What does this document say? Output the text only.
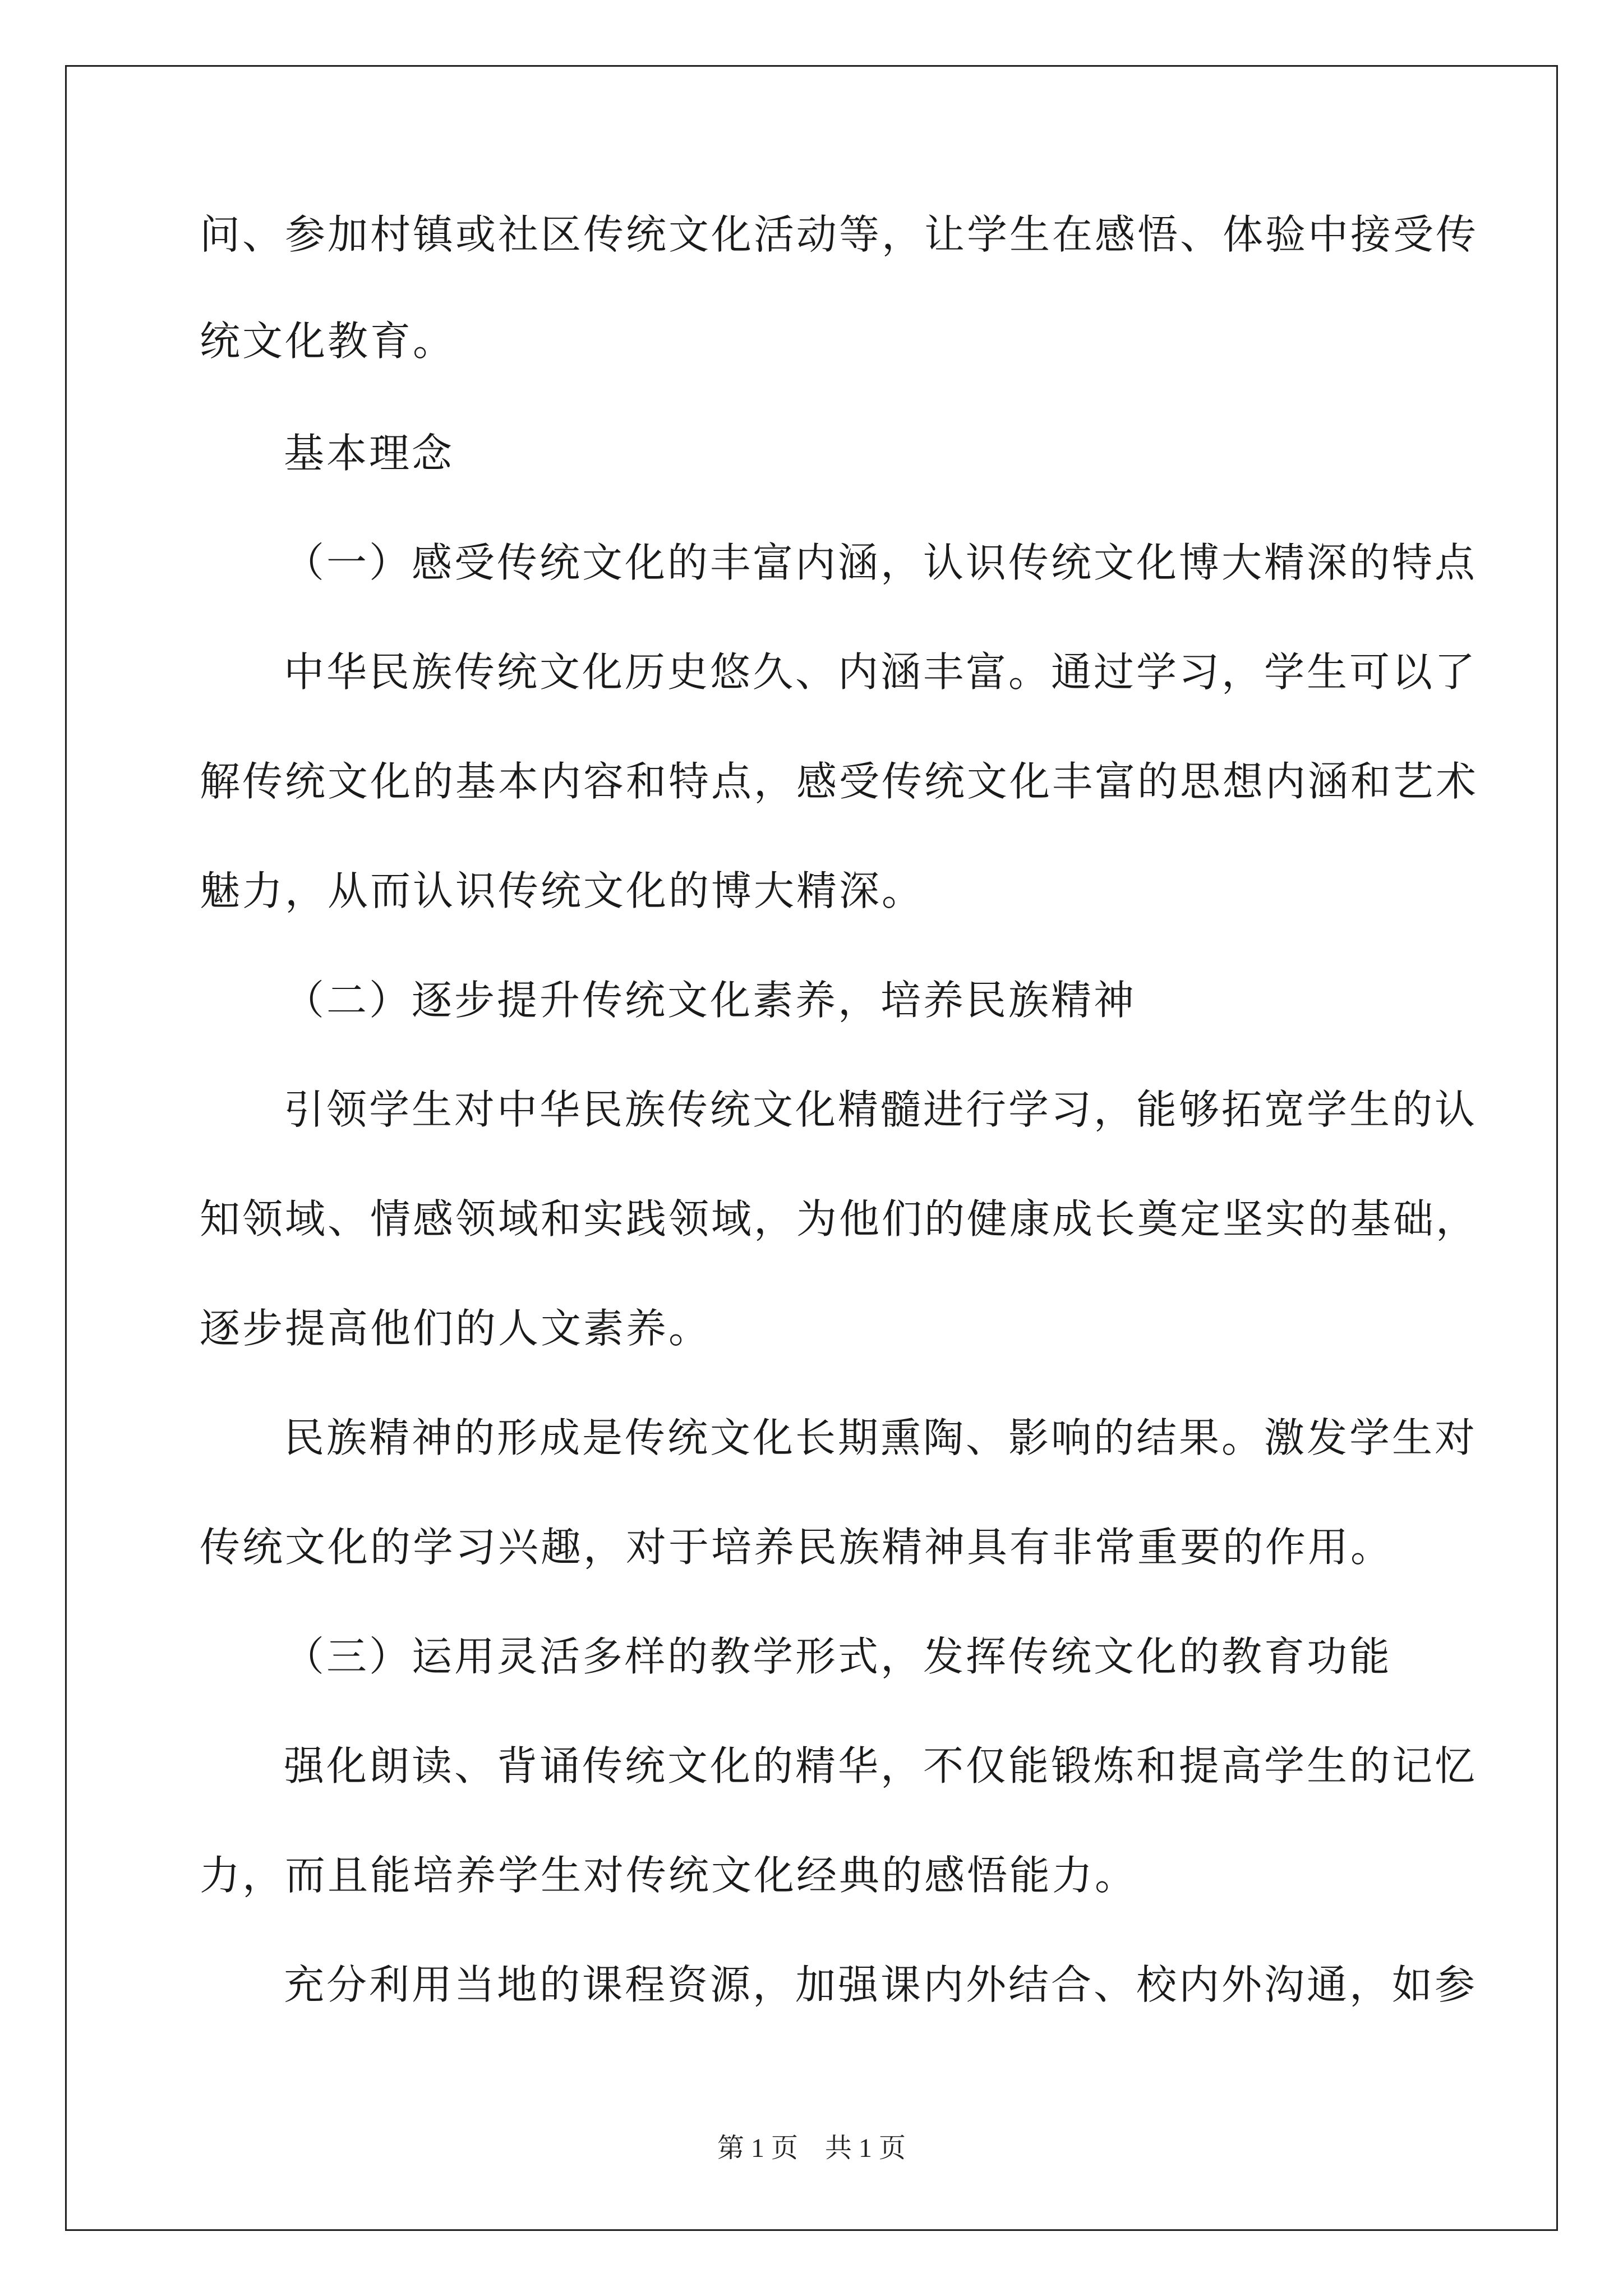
问、参加村镇或社区传统文化活动等，让学生在感悟、体验中接受传
统文化教育。
基本理念
（一）感受传统文化的丰富内涵，认识传统文化博大精深的特点
中华民族传统文化历史悠久、内涵丰富。通过学习，学生可以了
解传统文化的基本内容和特点，感受传统文化丰富的思想内涵和艺术
魅力，从而认识传统文化的博大精深。
（二）逐步提升传统文化素养，培养民族精神
引领学生对中华民族传统文化精髓进行学习，能够拓宽学生的认
知领域、情感领域和实践领域，为他们的健康成长奠定坚实的基础，
逐步提高他们的人文素养。
民族精神的形成是传统文化长期熏陶、影响的结果。激发学生对
传统文化的学习兴趣，对于培养民族精神具有非常重要的作用。
（三）运用灵活多样的教学形式，发挥传统文化的教育功能
强化朗读、背诵传统文化的精华，不仅能锻炼和提高学生的记忆
力，而且能培养学生对传统文化经典的感悟能力。
充分利用当地的课程资源，加强课内外结合、校内外沟通，如参
第 1 页　共 1 页
